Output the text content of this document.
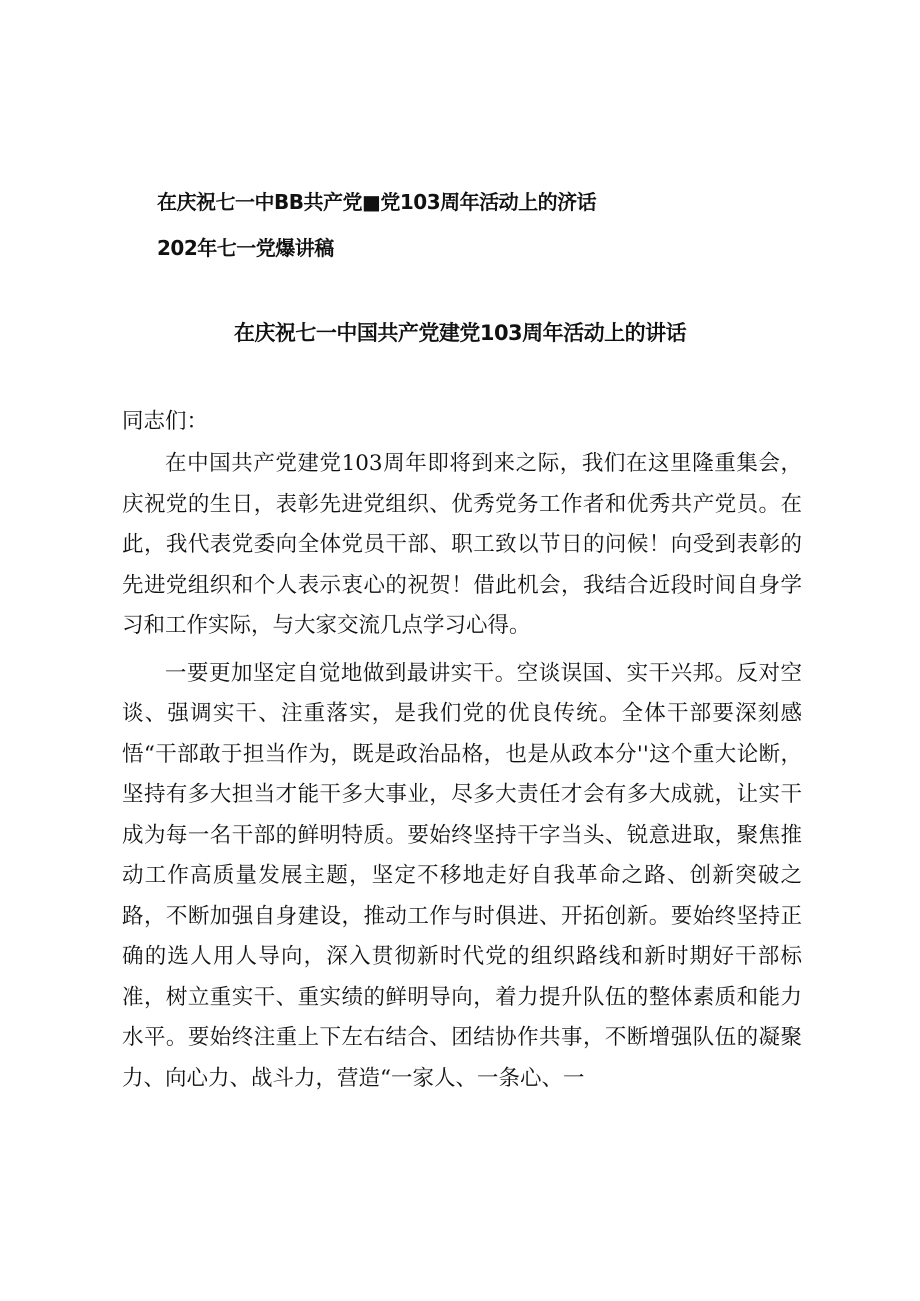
在庆祝七一中BB共产党■党103周年活动上的济话
202年七一党爆讲稿
在庆祝七一中国共产党建党103周年活动上的讲话
同志们：

在中国共产党建党103周年即将到来之际，我们在这里隆重集会，庆祝党的生日，表彰先进党组织、优秀党务工作者和优秀共产党员。在此，我代表党委向全体党员干部、职工致以节日的问候！向受到表彰的先进党组织和个人表示衷心的祝贺！借此机会，我结合近段时间自身学习和工作实际，与大家交流几点学习心得。

一要更加坚定自觉地做到最讲实干。空谈误国、实干兴邦。反对空谈、强调实干、注重落实，是我们党的优良传统。全体干部要深刻感悟“干部敢于担当作为，既是政治品格，也是从政本分''这个重大论断，坚持有多大担当才能干多大事业，尽多大责任才会有多大成就，让实干成为每一名干部的鲜明特质。要始终坚持干字当头、锐意进取，聚焦推动工作高质量发展主题，坚定不移地走好自我革命之路、创新突破之路，不断加强自身建设，推动工作与时俱进、开拓创新。要始终坚持正确的选人用人导向，深入贯彻新时代党的组织路线和新时期好干部标准，树立重实干、重实绩的鲜明导向，着力提升队伍的整体素质和能力水平。要始终注重上下左右结合、团结协作共事，不断增强队伍的凝聚力、向心力、战斗力，营造“一家人、一条心、一
